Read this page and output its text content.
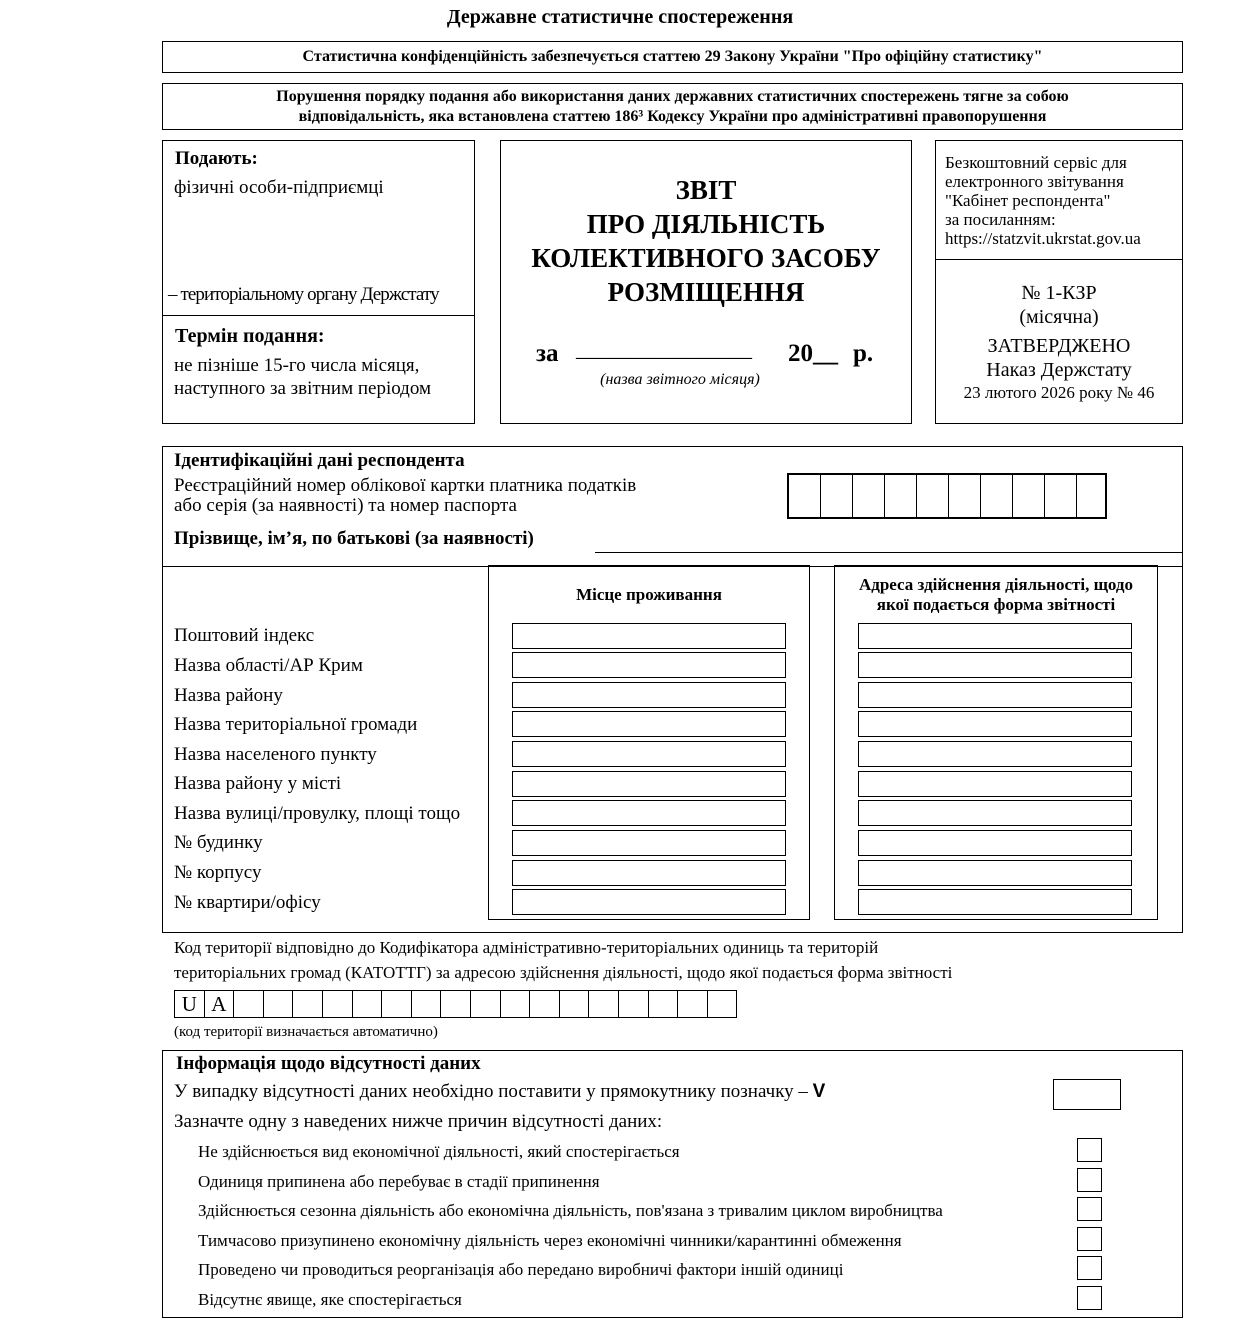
Державне статистичне спостереження
Статистична конфіденційність забезпечується статтею 29 Закону України "Про офіційну статистику"
Порушення порядку подання або використання даних державних статистичних спостережень тягне за собою
відповідальність, яка встановлена статтею 186³ Кодексу України про адміністративні правопорушення
Подають:
фізичні особи-підприємці
– територіальному органу Держстату
Термін подання:
не пізніше 15-го числа місяця,
наступного за звітним періодом
ЗВІТ
ПРО ДІЯЛЬНІСТЬ
КОЛЕКТИВНОГО ЗАСОБУ
РОЗМІЩЕННЯ
за ________________ 20__ р.
(назва звітного місяця)
Безкоштовний сервіс для
електронного звітування
"Кабінет респондента"
за посиланням:
https://statzvit.ukrstat.gov.ua
№ 1-КЗР
(місячна)
ЗАТВЕРДЖЕНО
Наказ Держстату
23 лютого 2026 року № 46
Ідентифікаційні дані респондента
Реєстраційний номер облікової картки платника податків
або серія (за наявності) та номер паспорта
Прізвище, ім’я, по батькові (за наявності)
Місце проживання
Адреса здійснення діяльності, щодо
якої подається форма звітності
Поштовий індекс
Назва області/АР Крим
Назва району
Назва територіальної громади
Назва населеного пункту
Назва району у місті
Назва вулиці/провулку, площі тощо
№ будинку
№ корпусу
№ квартири/офісу
Код території відповідно до Кодифікатора адміністративно-територіальних одиниць та територій
територіальних громад (КАТОТТГ) за адресою здійснення діяльності, щодо якої подається форма звітності
U A
(код території визначається автоматично)
Інформація щодо відсутності даних
У випадку відсутності даних необхідно поставити у прямокутнику позначку – V
Зазначте одну з наведених нижче причин відсутності даних:
Не здійснюється вид економічної діяльності, який спостерігається
Одиниця припинена або перебуває в стадії припинення
Здійснюється сезонна діяльність або економічна діяльність, пов'язана з тривалим циклом виробництва
Тимчасово призупинено економічну діяльність через економічні чинники/карантинні обмеження
Проведено чи проводиться реорганізація або передано виробничі фактори іншій одиниці
Відсутнє явище, яке спостерігається
